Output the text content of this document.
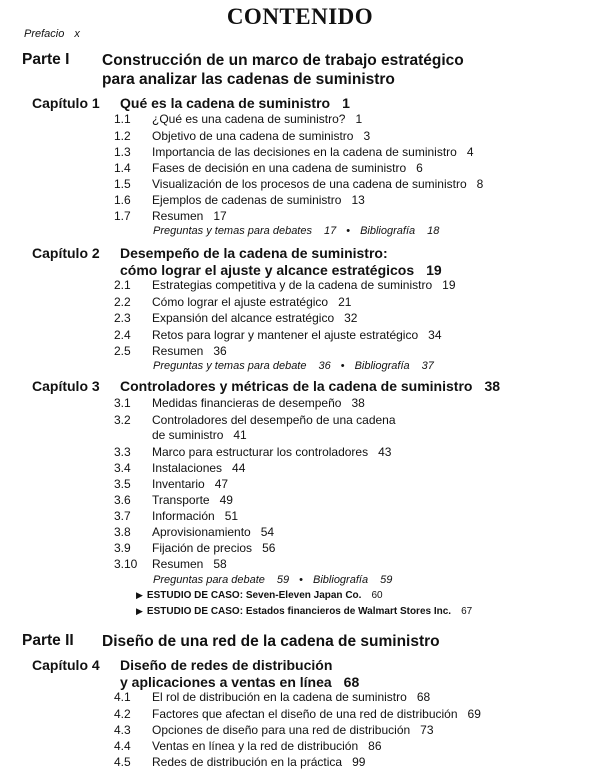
CONTENIDO
Prefacio x
Parte I Construcción de un marco de trabajo estratégico
para analizar las cadenas de suministro
Capítulo 1 Qué es la cadena de suministro 1
1.1 ¿Qué es una cadena de suministro? 1
1.2 Objetivo de una cadena de suministro 3
1.3 Importancia de las decisiones en la cadena de suministro 4
1.4 Fases de decisión en una cadena de suministro 6
1.5 Visualización de los procesos de una cadena de suministro 8
1.6 Ejemplos de cadenas de suministro 13
1.7 Resumen 17
Preguntas y temas para debates 17 • Bibliografía 18
Capítulo 2 Desempeño de la cadena de suministro:
cómo lograr el ajuste y alcance estratégicos 19
2.1 Estrategias competitiva y de la cadena de suministro 19
2.2 Cómo lograr el ajuste estratégico 21
2.3 Expansión del alcance estratégico 32
2.4 Retos para lograr y mantener el ajuste estratégico 34
2.5 Resumen 36
Preguntas y temas para debate 36 • Bibliografía 37
Capítulo 3 Controladores y métricas de la cadena de suministro 38
3.1 Medidas financieras de desempeño 38
3.2 Controladores del desempeño de una cadena
de suministro 41
3.3 Marco para estructurar los controladores 43
3.4 Instalaciones 44
3.5 Inventario 47
3.6 Transporte 49
3.7 Información 51
3.8 Aprovisionamiento 54
3.9 Fijación de precios 56
3.10 Resumen 58
Preguntas para debate 59 • Bibliografía 59
▶ ESTUDIO DE CASO: Seven-Eleven Japan Co. 60
▶ ESTUDIO DE CASO: Estados financieros de Walmart Stores Inc. 67
Parte II Diseño de una red de la cadena de suministro
Capítulo 4 Diseño de redes de distribución
y aplicaciones a ventas en línea 68
4.1 El rol de distribución en la cadena de suministro 68
4.2 Factores que afectan el diseño de una red de distribución 69
4.3 Opciones de diseño para una red de distribución 73
4.4 Ventas en línea y la red de distribución 86
4.5 Redes de distribución en la práctica 99
